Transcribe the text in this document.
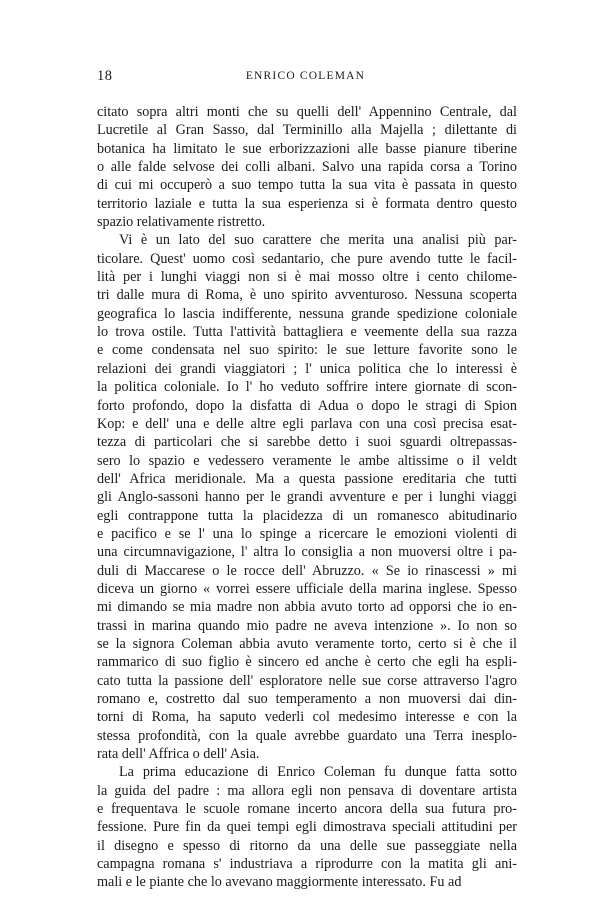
18	ENRICO COLEMAN
citato sopra altri monti che su quelli dell' Appennino Centrale, dal
Lucretile al Gran Sasso, dal Terminillo alla Majella ; dilettante di
botanica ha limitato le sue erborizzazioni alle basse pianure tiberine
o alle falde selvose dei colli albani. Salvo una rapida corsa a Torino
di cui mi occuperò a suo tempo tutta la sua vita è passata in questo
territorio laziale e tutta la sua esperienza si è formata dentro questo
spazio relativamente ristretto.
Vi è un lato del suo carattere che merita una analisi più par-
ticolare. Quest' uomo così sedantario, che pure avendo tutte le facil-
lità per i lunghi viaggi non si è mai mosso oltre i cento chilome-
tri dalle mura di Roma, è uno spirito avventuroso. Nessuna scoperta
geografica lo lascia indifferente, nessuna grande spedizione coloniale
lo trova ostile. Tutta l'attività battagliera e veemente della sua razza
e come condensata nel suo spirito: le sue letture favorite sono le
relazioni dei grandi viaggiatori ; l' unica politica che lo interessi è
la politica coloniale. Io l' ho veduto soffrire intere giornate di scon-
forto profondo, dopo la disfatta di Adua o dopo le stragi di Spion
Kop: e dell' una e delle altre egli parlava con una così precisa esat-
tezza di particolari che si sarebbe detto i suoi sguardi oltrepassas-
sero lo spazio e vedessero veramente le ambe altissime o il veldt
dell' Africa meridionale. Ma a questa passione ereditaria che tutti
gli Anglo-sassoni hanno per le grandi avventure e per i lunghi viaggi
egli contrappone tutta la placidezza di un romanesco abitudinario
e pacifico e se l' una lo spinge a ricercare le emozioni violenti di
una circumnavigazione, l' altra lo consiglia a non muoversi oltre i pa-
duli di Maccarese o le rocce dell' Abruzzo. « Se io rinascessi » mi
diceva un giorno « vorrei essere ufficiale della marina inglese. Spesso
mi dimando se mia madre non abbia avuto torto ad opporsi che io en-
trassi in marina quando mio padre ne aveva intenzione ». Io non so
se la signora Coleman abbia avuto veramente torto, certo si è che il
rammarico di suo figlio è sincero ed anche è certo che egli ha espli-
cato tutta la passione dell' esploratore nelle sue corse attraverso l'agro
romano e, costretto dal suo temperamento a non muoversi dai din-
torni di Roma, ha saputo vederli col medesimo interesse e con la
stessa profondità, con la quale avrebbe guardato una Terra inesplo-
rata dell' Affrica o dell' Asia.
La prima educazione di Enrico Coleman fu dunque fatta sotto
la guida del padre : ma allora egli non pensava di doventare artista
e frequentava le scuole romane incerto ancora della sua futura pro-
fessione. Pure fin da quei tempi egli dimostrava speciali attitudini per
il disegno e spesso di ritorno da una delle sue passeggiate nella
campagna romana s' industriava a riprodurre con la matita gli ani-
mali e le piante che lo avevano maggiormente interessato. Fu ad
